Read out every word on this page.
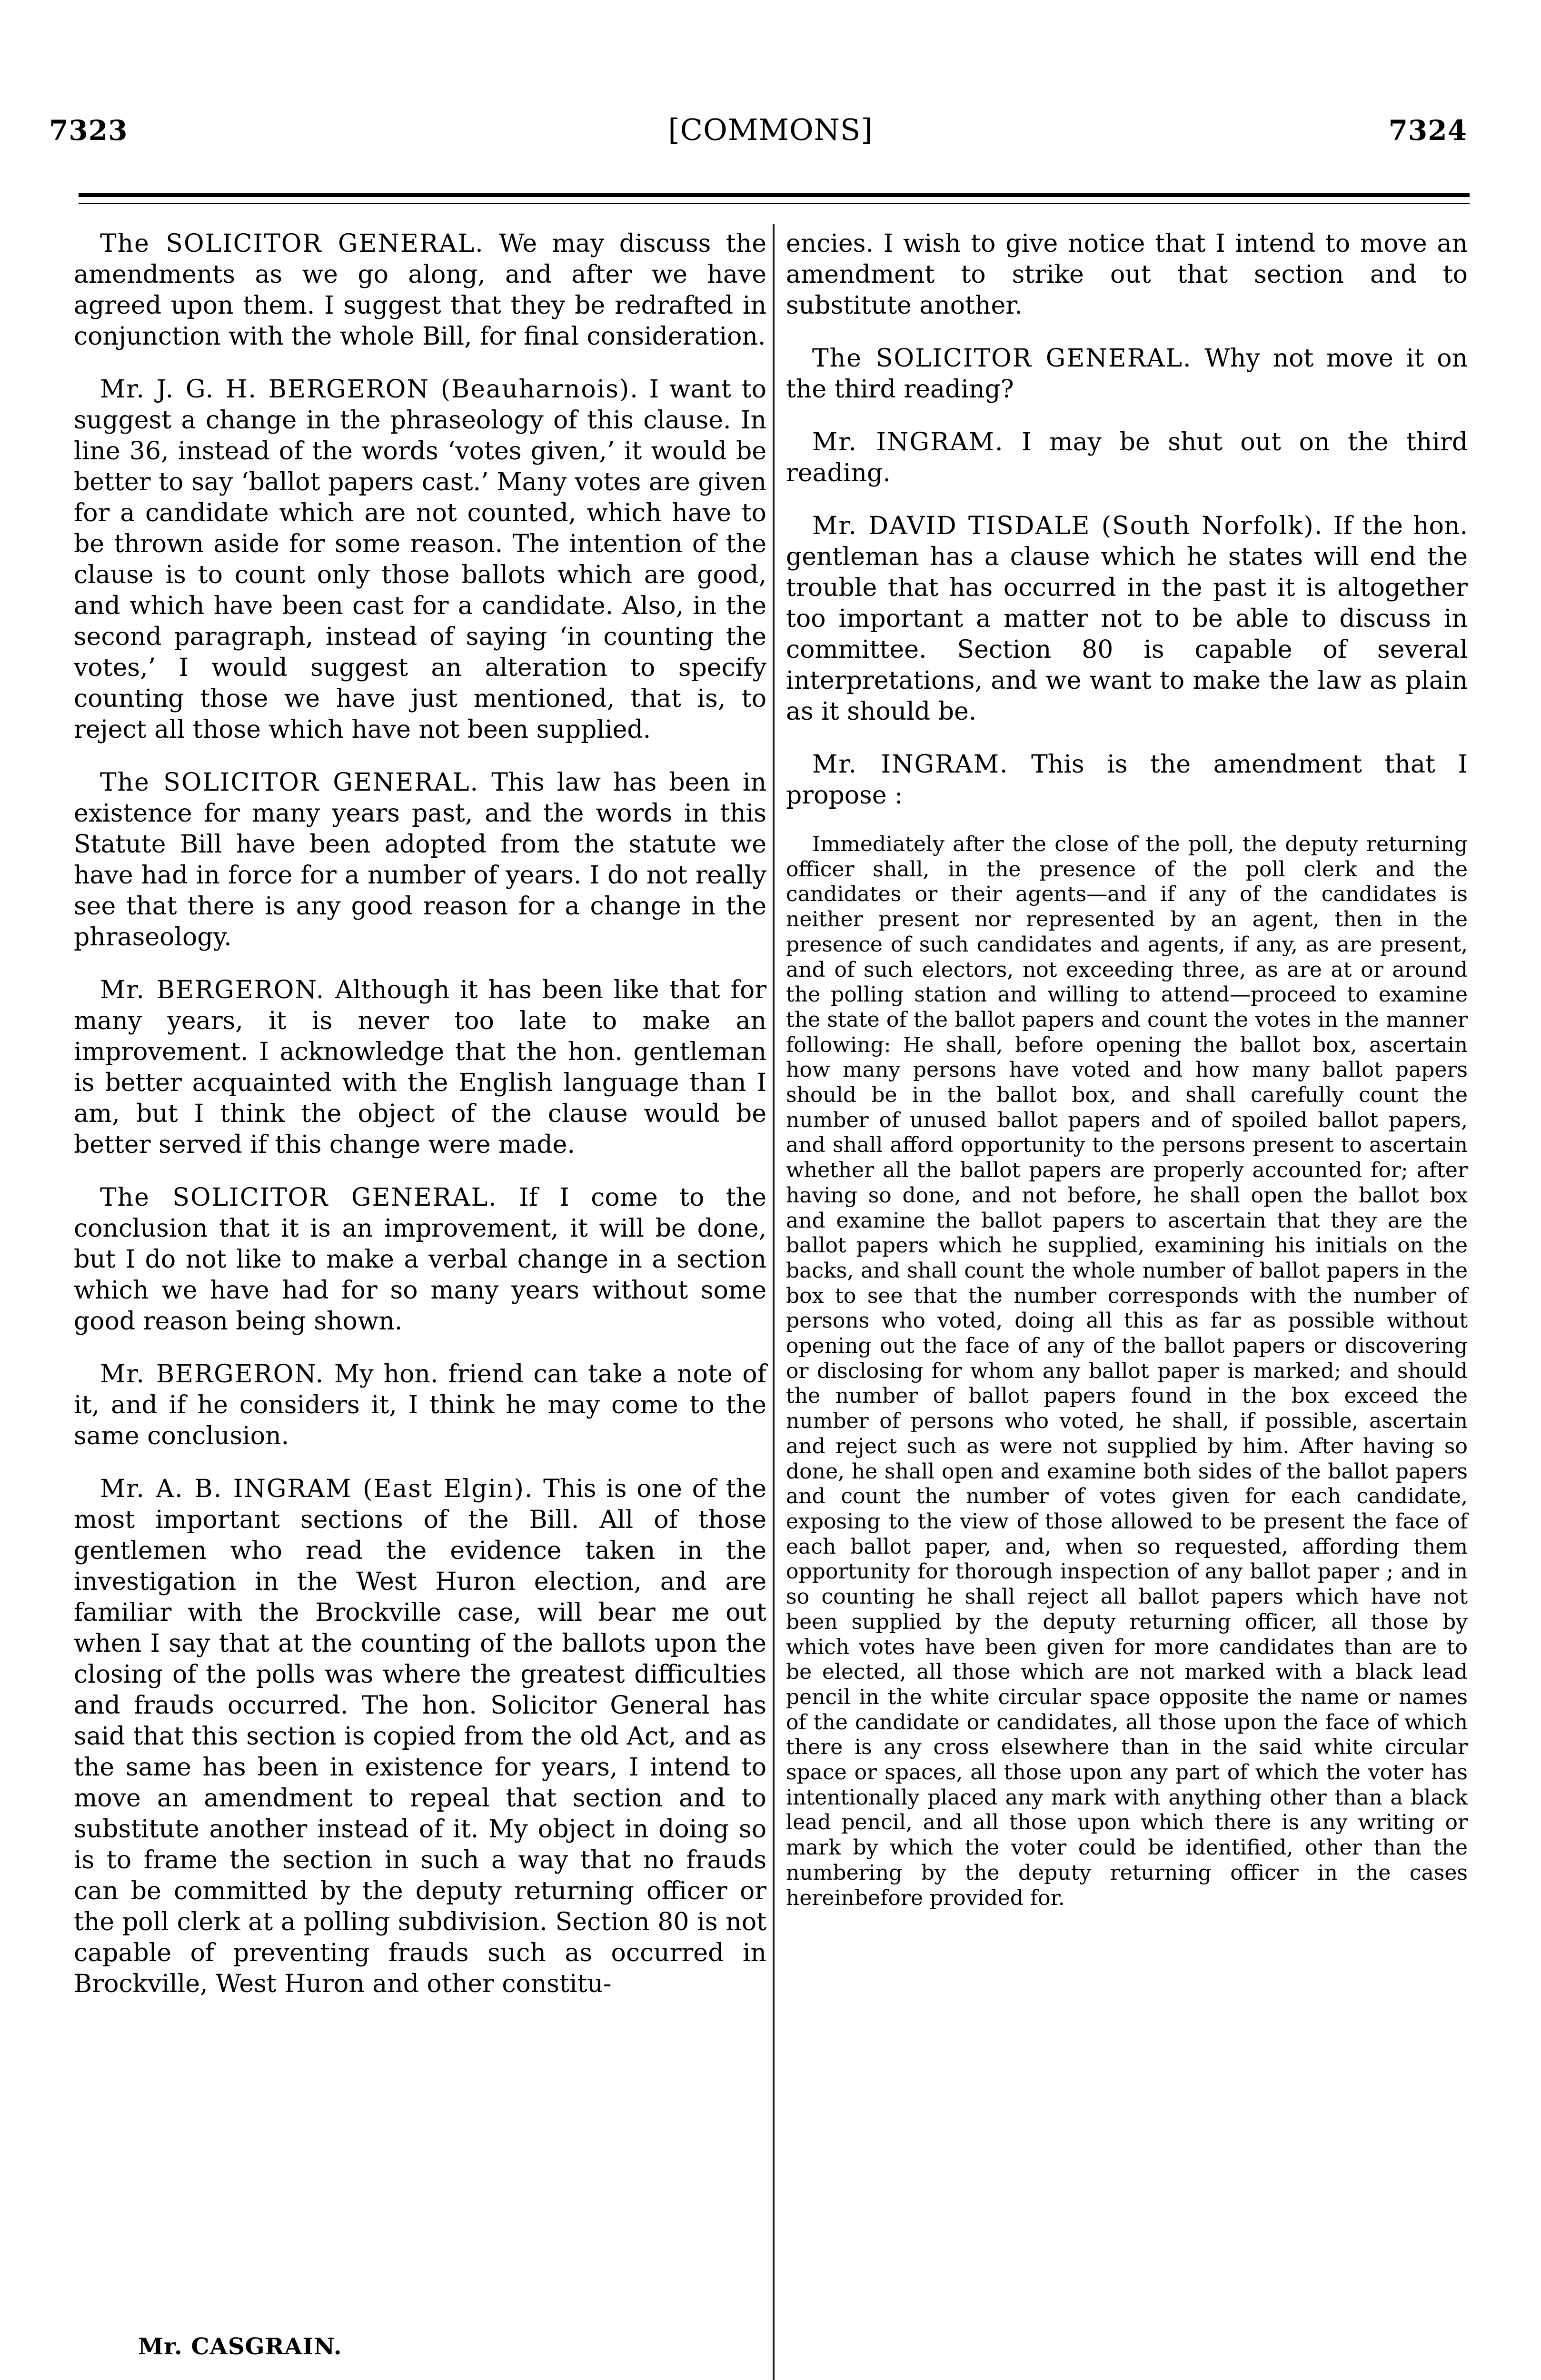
7323	[COMMONS]	7324

The SOLICITOR GENERAL. We may discuss the amendments as we go along, and after we have agreed upon them. I suggest that they be redrafted in conjunction with the whole Bill, for final consideration.

Mr. J. G. H. BERGERON (Beauharnois). I want to suggest a change in the phraseology of this clause. In line 36, instead of the words ‘votes given,’ it would be better to say ‘ballot papers cast.’ Many votes are given for a candidate which are not counted, which have to be thrown aside for some reason. The intention of the clause is to count only those ballots which are good, and which have been cast for a candidate. Also, in the second paragraph, instead of saying ‘in counting the votes,’ I would suggest an alteration to specify counting those we have just mentioned, that is, to reject all those which have not been supplied.

The SOLICITOR GENERAL. This law has been in existence for many years past, and the words in this Statute Bill have been adopted from the statute we have had in force for a number of years. I do not really see that there is any good reason for a change in the phraseology.

Mr. BERGERON. Although it has been like that for many years, it is never too late to make an improvement. I acknowledge that the hon. gentleman is better acquainted with the English language than I am, but I think the object of the clause would be better served if this change were made.

The SOLICITOR GENERAL. If I come to the conclusion that it is an improvement, it will be done, but I do not like to make a verbal change in a section which we have had for so many years without some good reason being shown.

Mr. BERGERON. My hon. friend can take a note of it, and if he considers it, I think he may come to the same conclusion.

Mr. A. B. INGRAM (East Elgin). This is one of the most important sections of the Bill. All of those gentlemen who read the evidence taken in the investigation in the West Huron election, and are familiar with the Brockville case, will bear me out when I say that at the counting of the ballots upon the closing of the polls was where the greatest difficulties and frauds occurred. The hon. Solicitor General has said that this section is copied from the old Act, and as the same has been in existence for years, I intend to move an amendment to repeal that section and to substitute another instead of it. My object in doing so is to frame the section in such a way that no frauds can be committed by the deputy returning officer or the poll clerk at a polling subdivision. Section 80 is not capable of preventing frauds such as occurred in Brockville, West Huron and other constitu-

encies. I wish to give notice that I intend to move an amendment to strike out that section and to substitute another.

The SOLICITOR GENERAL. Why not move it on the third reading?

Mr. INGRAM. I may be shut out on the third reading.

Mr. DAVID TISDALE (South Norfolk). If the hon. gentleman has a clause which he states will end the trouble that has occurred in the past it is altogether too important a matter not to be able to discuss in committee. Section 80 is capable of several interpretations, and we want to make the law as plain as it should be.

Mr. INGRAM. This is the amendment that I propose :

Immediately after the close of the poll, the deputy returning officer shall, in the presence of the poll clerk and the candidates or their agents—and if any of the candidates is neither present nor represented by an agent, then in the presence of such candidates and agents, if any, as are present, and of such electors, not exceeding three, as are at or around the polling station and willing to attend—proceed to examine the state of the ballot papers and count the votes in the manner following: He shall, before opening the ballot box, ascertain how many persons have voted and how many ballot papers should be in the ballot box, and shall carefully count the number of unused ballot papers and of spoiled ballot papers, and shall afford opportunity to the persons present to ascertain whether all the ballot papers are properly accounted for; after having so done, and not before, he shall open the ballot box and examine the ballot papers to ascertain that they are the ballot papers which he supplied, examining his initials on the backs, and shall count the whole number of ballot papers in the box to see that the number corresponds with the number of persons who voted, doing all this as far as possible without opening out the face of any of the ballot papers or discovering or disclosing for whom any ballot paper is marked; and should the number of ballot papers found in the box exceed the number of persons who voted, he shall, if possible, ascertain and reject such as were not supplied by him. After having so done, he shall open and examine both sides of the ballot papers and count the number of votes given for each candidate, exposing to the view of those allowed to be present the face of each ballot paper, and, when so requested, affording them opportunity for thorough inspection of any ballot paper ; and in so counting he shall reject all ballot papers which have not been supplied by the deputy returning officer, all those by which votes have been given for more candidates than are to be elected, all those which are not marked with a black lead pencil in the white circular space opposite the name or names of the candidate or candidates, all those upon the face of which there is any cross elsewhere than in the said white circular space or spaces, all those upon any part of which the voter has intentionally placed any mark with anything other than a black lead pencil, and all those upon which there is any writing or mark by which the voter could be identified, other than the numbering by the deputy returning officer in the cases hereinbefore provided for.

Mr. CASGRAIN.
